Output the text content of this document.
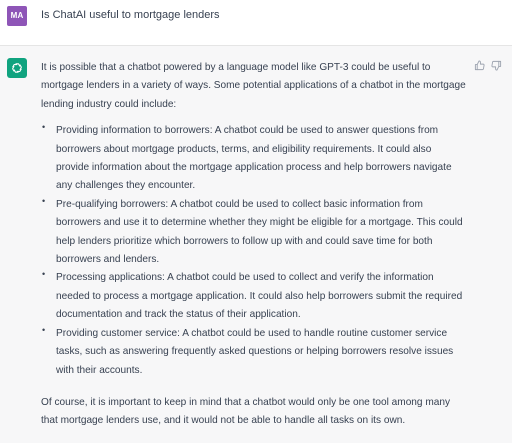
MA	Is ChatAI useful to mortgage lenders

It is possible that a chatbot powered by a language model like GPT-3 could be useful to mortgage lenders in a variety of ways. Some potential applications of a chatbot in the mortgage lending industry could include:

• Providing information to borrowers: A chatbot could be used to answer questions from borrowers about mortgage products, terms, and eligibility requirements. It could also provide information about the mortgage application process and help borrowers navigate any challenges they encounter.
• Pre-qualifying borrowers: A chatbot could be used to collect basic information from borrowers and use it to determine whether they might be eligible for a mortgage. This could help lenders prioritize which borrowers to follow up with and could save time for both borrowers and lenders.
• Processing applications: A chatbot could be used to collect and verify the information needed to process a mortgage application. It could also help borrowers submit the required documentation and track the status of their application.
• Providing customer service: A chatbot could be used to handle routine customer service tasks, such as answering frequently asked questions or helping borrowers resolve issues with their accounts.

Of course, it is important to keep in mind that a chatbot would only be one tool among many that mortgage lenders use, and it would not be able to handle all tasks on its own.
